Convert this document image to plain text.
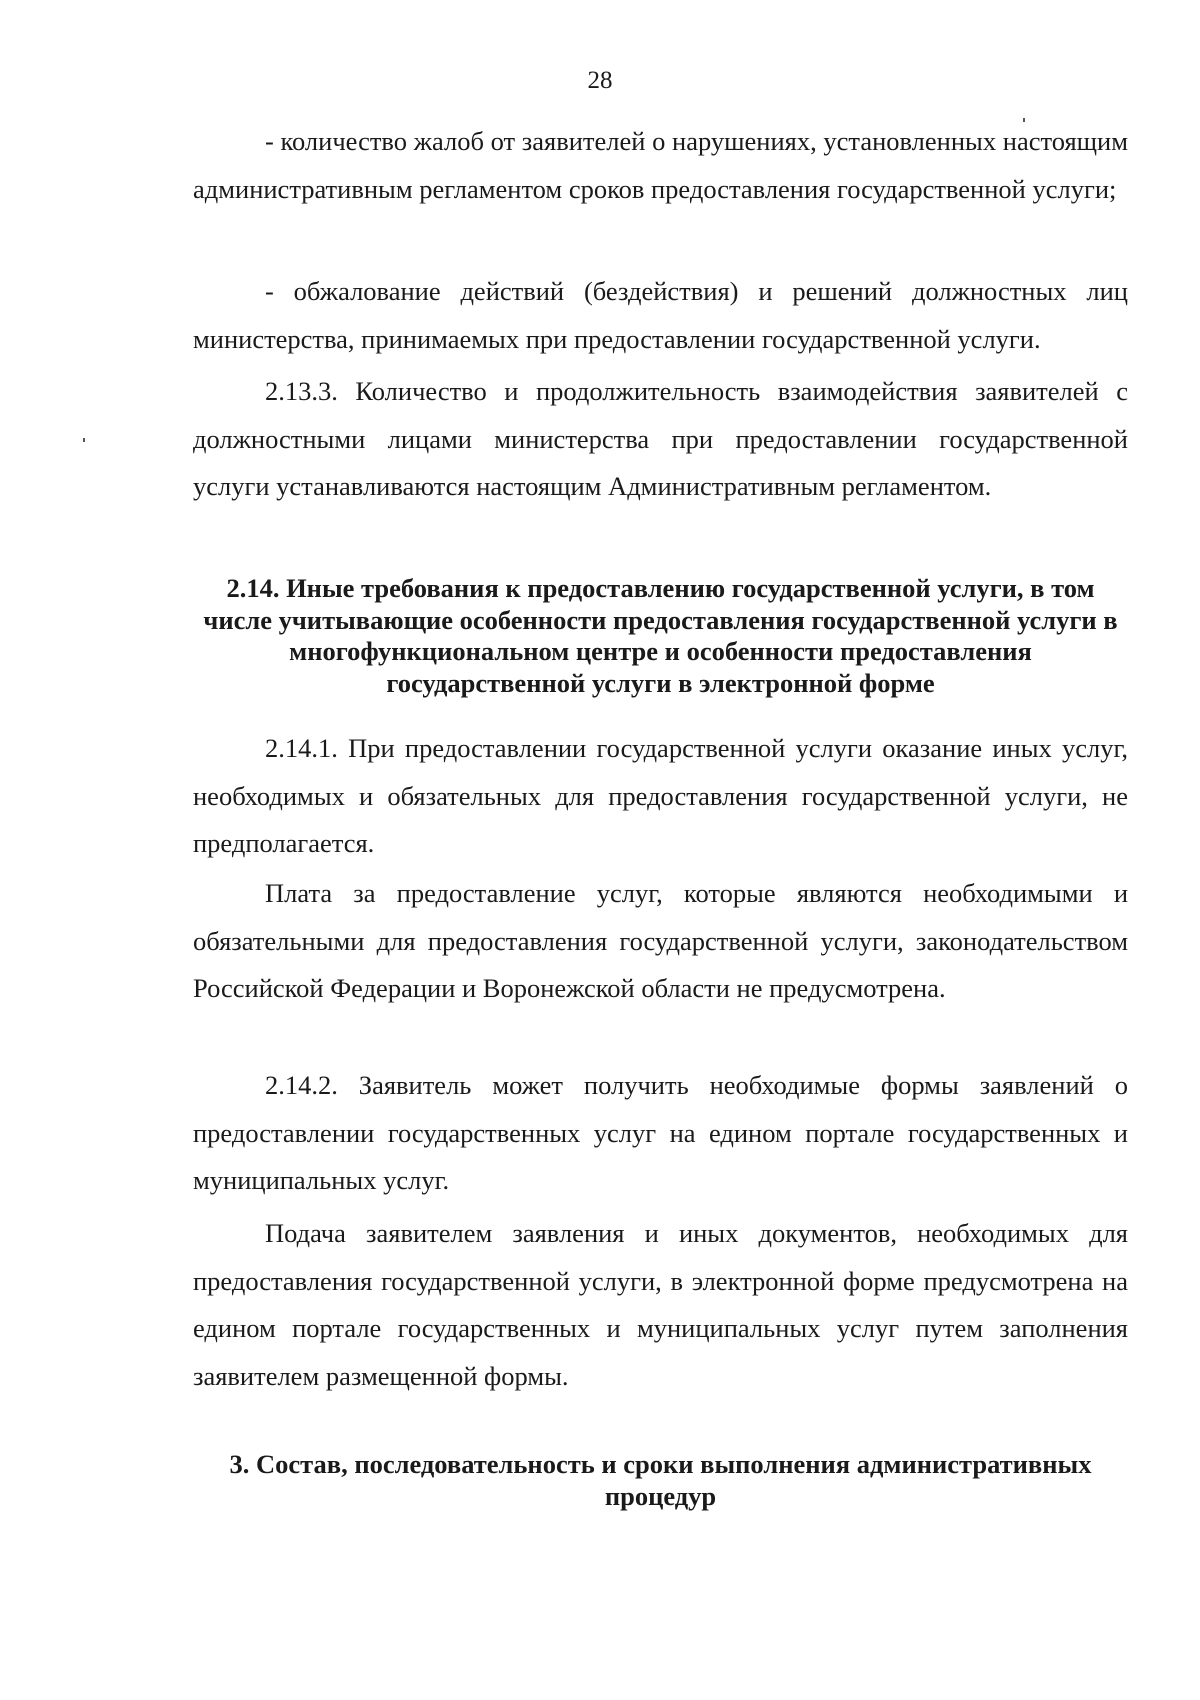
28

- количество жалоб от заявителей о нарушениях, установленных настоящим административным регламентом сроков предоставления государственной услуги;

- обжалование действий (бездействия) и решений должностных лиц министерства, принимаемых при предоставлении государственной услуги.

2.13.3. Количество и продолжительность взаимодействия заявителей с должностными лицами министерства при предоставлении государственной услуги устанавливаются настоящим Административным регламентом.

2.14. Иные требования к предоставлению государственной услуги, в том числе учитывающие особенности предоставления государственной услуги в многофункциональном центре и особенности предоставления государственной услуги в электронной форме

2.14.1. При предоставлении государственной услуги оказание иных услуг, необходимых и обязательных для предоставления государственной услуги, не предполагается.

Плата за предоставление услуг, которые являются необходимыми и обязательными для предоставления государственной услуги, законодательством Российской Федерации и Воронежской области не предусмотрена.

2.14.2. Заявитель может получить необходимые формы заявлений о предоставлении государственных услуг на едином портале государственных и муниципальных услуг.

Подача заявителем заявления и иных документов, необходимых для предоставления государственной услуги, в электронной форме предусмотрена на едином портале государственных и муниципальных услуг путем заполнения заявителем размещенной формы.

3. Состав, последовательность и сроки выполнения административных процедур
